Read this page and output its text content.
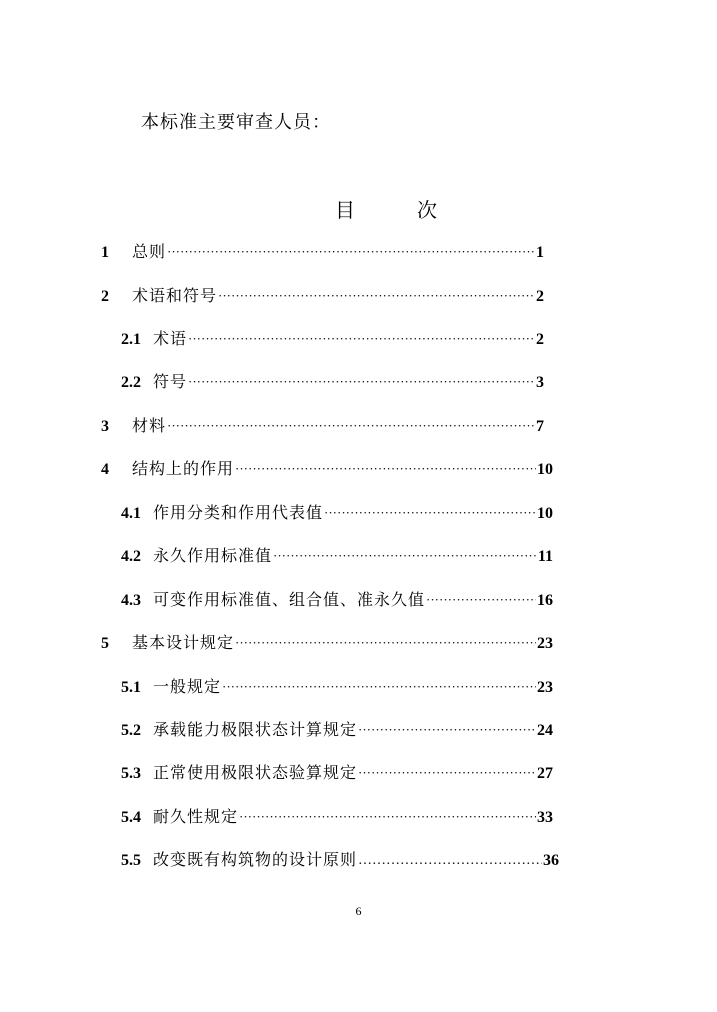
本标准主要审查人员：
目	次
1	总则 ·····	1
2	术语和符号 ·····	2
2.1 术语 ·····	2
2.2 符号 ·····	3
3	材料 ·····	7
4	结构上的作用 ·····	10
4.1 作用分类和作用代表值 ·····	10
4.2 永久作用标准值 ·····	11
4.3 可变作用标准值、组合值、准永久值 ·····	16
5	基本设计规定 ·····	23
5.1 一般规定 ·····	23
5.2 承载能力极限状态计算规定 ·····	24
5.3 正常使用极限状态验算规定 ·····	27
5.4 耐久性规定 ·····	33
5.5 改变既有构筑物的设计原则 ……………………………………………………………	36
6
